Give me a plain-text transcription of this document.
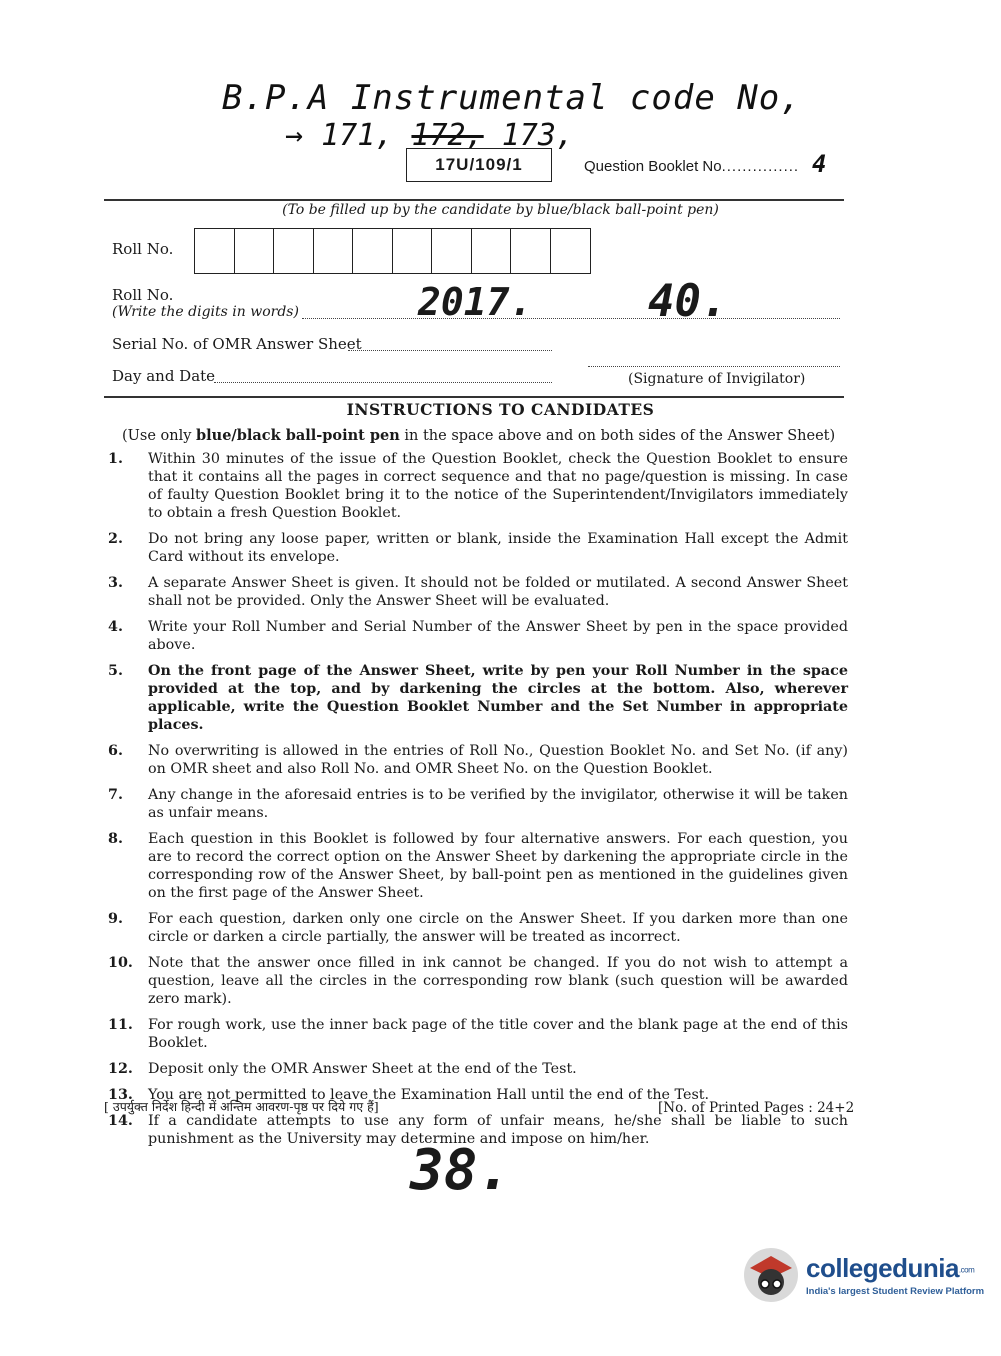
B.P.A Instrumental code No,
→ 171, 172, 173,
17U/109/1	Question Booklet No............... 4
(To be filled up by the candidate by blue/black ball-point pen)
Roll No.
Roll No.
(Write the digits in words)	2017.	40.
Serial No. of OMR Answer Sheet
Day and Date	(Signature of Invigilator)
INSTRUCTIONS TO CANDIDATES
(Use only blue/black ball-point pen in the space above and on both sides of the Answer Sheet)
1.	Within 30 minutes of the issue of the Question Booklet, check the Question Booklet to ensure that it contains all the pages in correct sequence and that no page/question is missing. In case of faulty Question Booklet bring it to the notice of the Superintendent/Invigilators immediately to obtain a fresh Question Booklet.
2.	Do not bring any loose paper, written or blank, inside the Examination Hall except the Admit Card without its envelope.
3.	A separate Answer Sheet is given. It should not be folded or mutilated. A second Answer Sheet shall not be provided. Only the Answer Sheet will be evaluated.
4.	Write your Roll Number and Serial Number of the Answer Sheet by pen in the space provided above.
5.	On the front page of the Answer Sheet, write by pen your Roll Number in the space provided at the top, and by darkening the circles at the bottom. Also, wherever applicable, write the Question Booklet Number and the Set Number in appropriate places.
6.	No overwriting is allowed in the entries of Roll No., Question Booklet No. and Set No. (if any) on OMR sheet and also Roll No. and OMR Sheet No. on the Question Booklet.
7.	Any change in the aforesaid entries is to be verified by the invigilator, otherwise it will be taken as unfair means.
8.	Each question in this Booklet is followed by four alternative answers. For each question, you are to record the correct option on the Answer Sheet by darkening the appropriate circle in the corresponding row of the Answer Sheet, by ball-point pen as mentioned in the guidelines given on the first page of the Answer Sheet.
9.	For each question, darken only one circle on the Answer Sheet. If you darken more than one circle or darken a circle partially, the answer will be treated as incorrect.
10.	Note that the answer once filled in ink cannot be changed. If you do not wish to attempt a question, leave all the circles in the corresponding row blank (such question will be awarded zero mark).
11.	For rough work, use the inner back page of the title cover and the blank page at the end of this Booklet.
12.	Deposit only the OMR Answer Sheet at the end of the Test.
13.	You are not permitted to leave the Examination Hall until the end of the Test.
14.	If a candidate attempts to use any form of unfair means, he/she shall be liable to such punishment as the University may determine and impose on him/her.
[ उपर्युक्त निर्देश हिन्दी में अन्तिम आवरण-पृष्ठ पर दिये गए हैं]	[No. of Printed Pages : 24+2
38.
collegedunia.com
India's largest Student Review Platform
